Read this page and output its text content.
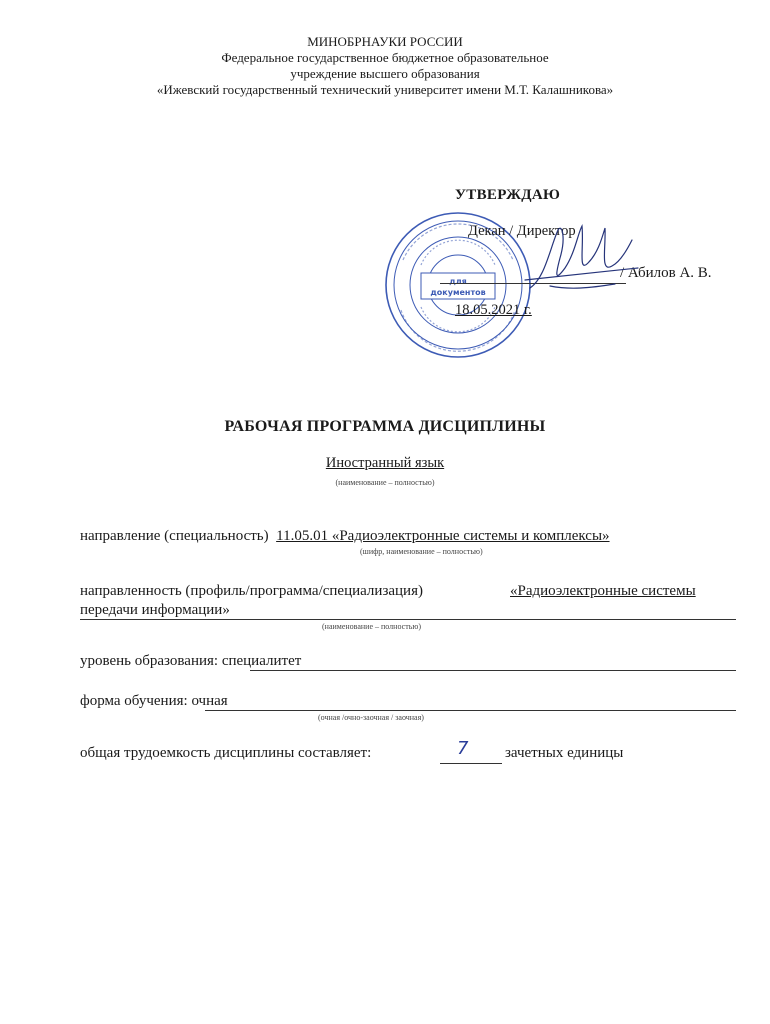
МИНОБРНАУКИ РОССИИ
Федеральное государственное бюджетное образовательное
учреждение высшего образования
«Ижевский государственный технический университет имени М.Т. Калашникова»
для
документов
УТВЕРЖДАЮ
Декан / Директор
/ Абилов А. В.
18.05.2021 г.
РАБОЧАЯ ПРОГРАММА ДИСЦИПЛИНЫ
Иностранный язык
(наименование – полностью)
направление (специальность) 11.05.01 «Радиоэлектронные системы и комплексы»
(шифр, наименование – полностью)
направленность (профиль/программа/специализация)	«Радиоэлектронные системы
передачи информации»
(наименование – полностью)
уровень образования: специалитет
форма обучения: очная
(очная /очно-заочная / заочная)
общая трудоемкость дисциплины составляет:	7 зачетных единицы
